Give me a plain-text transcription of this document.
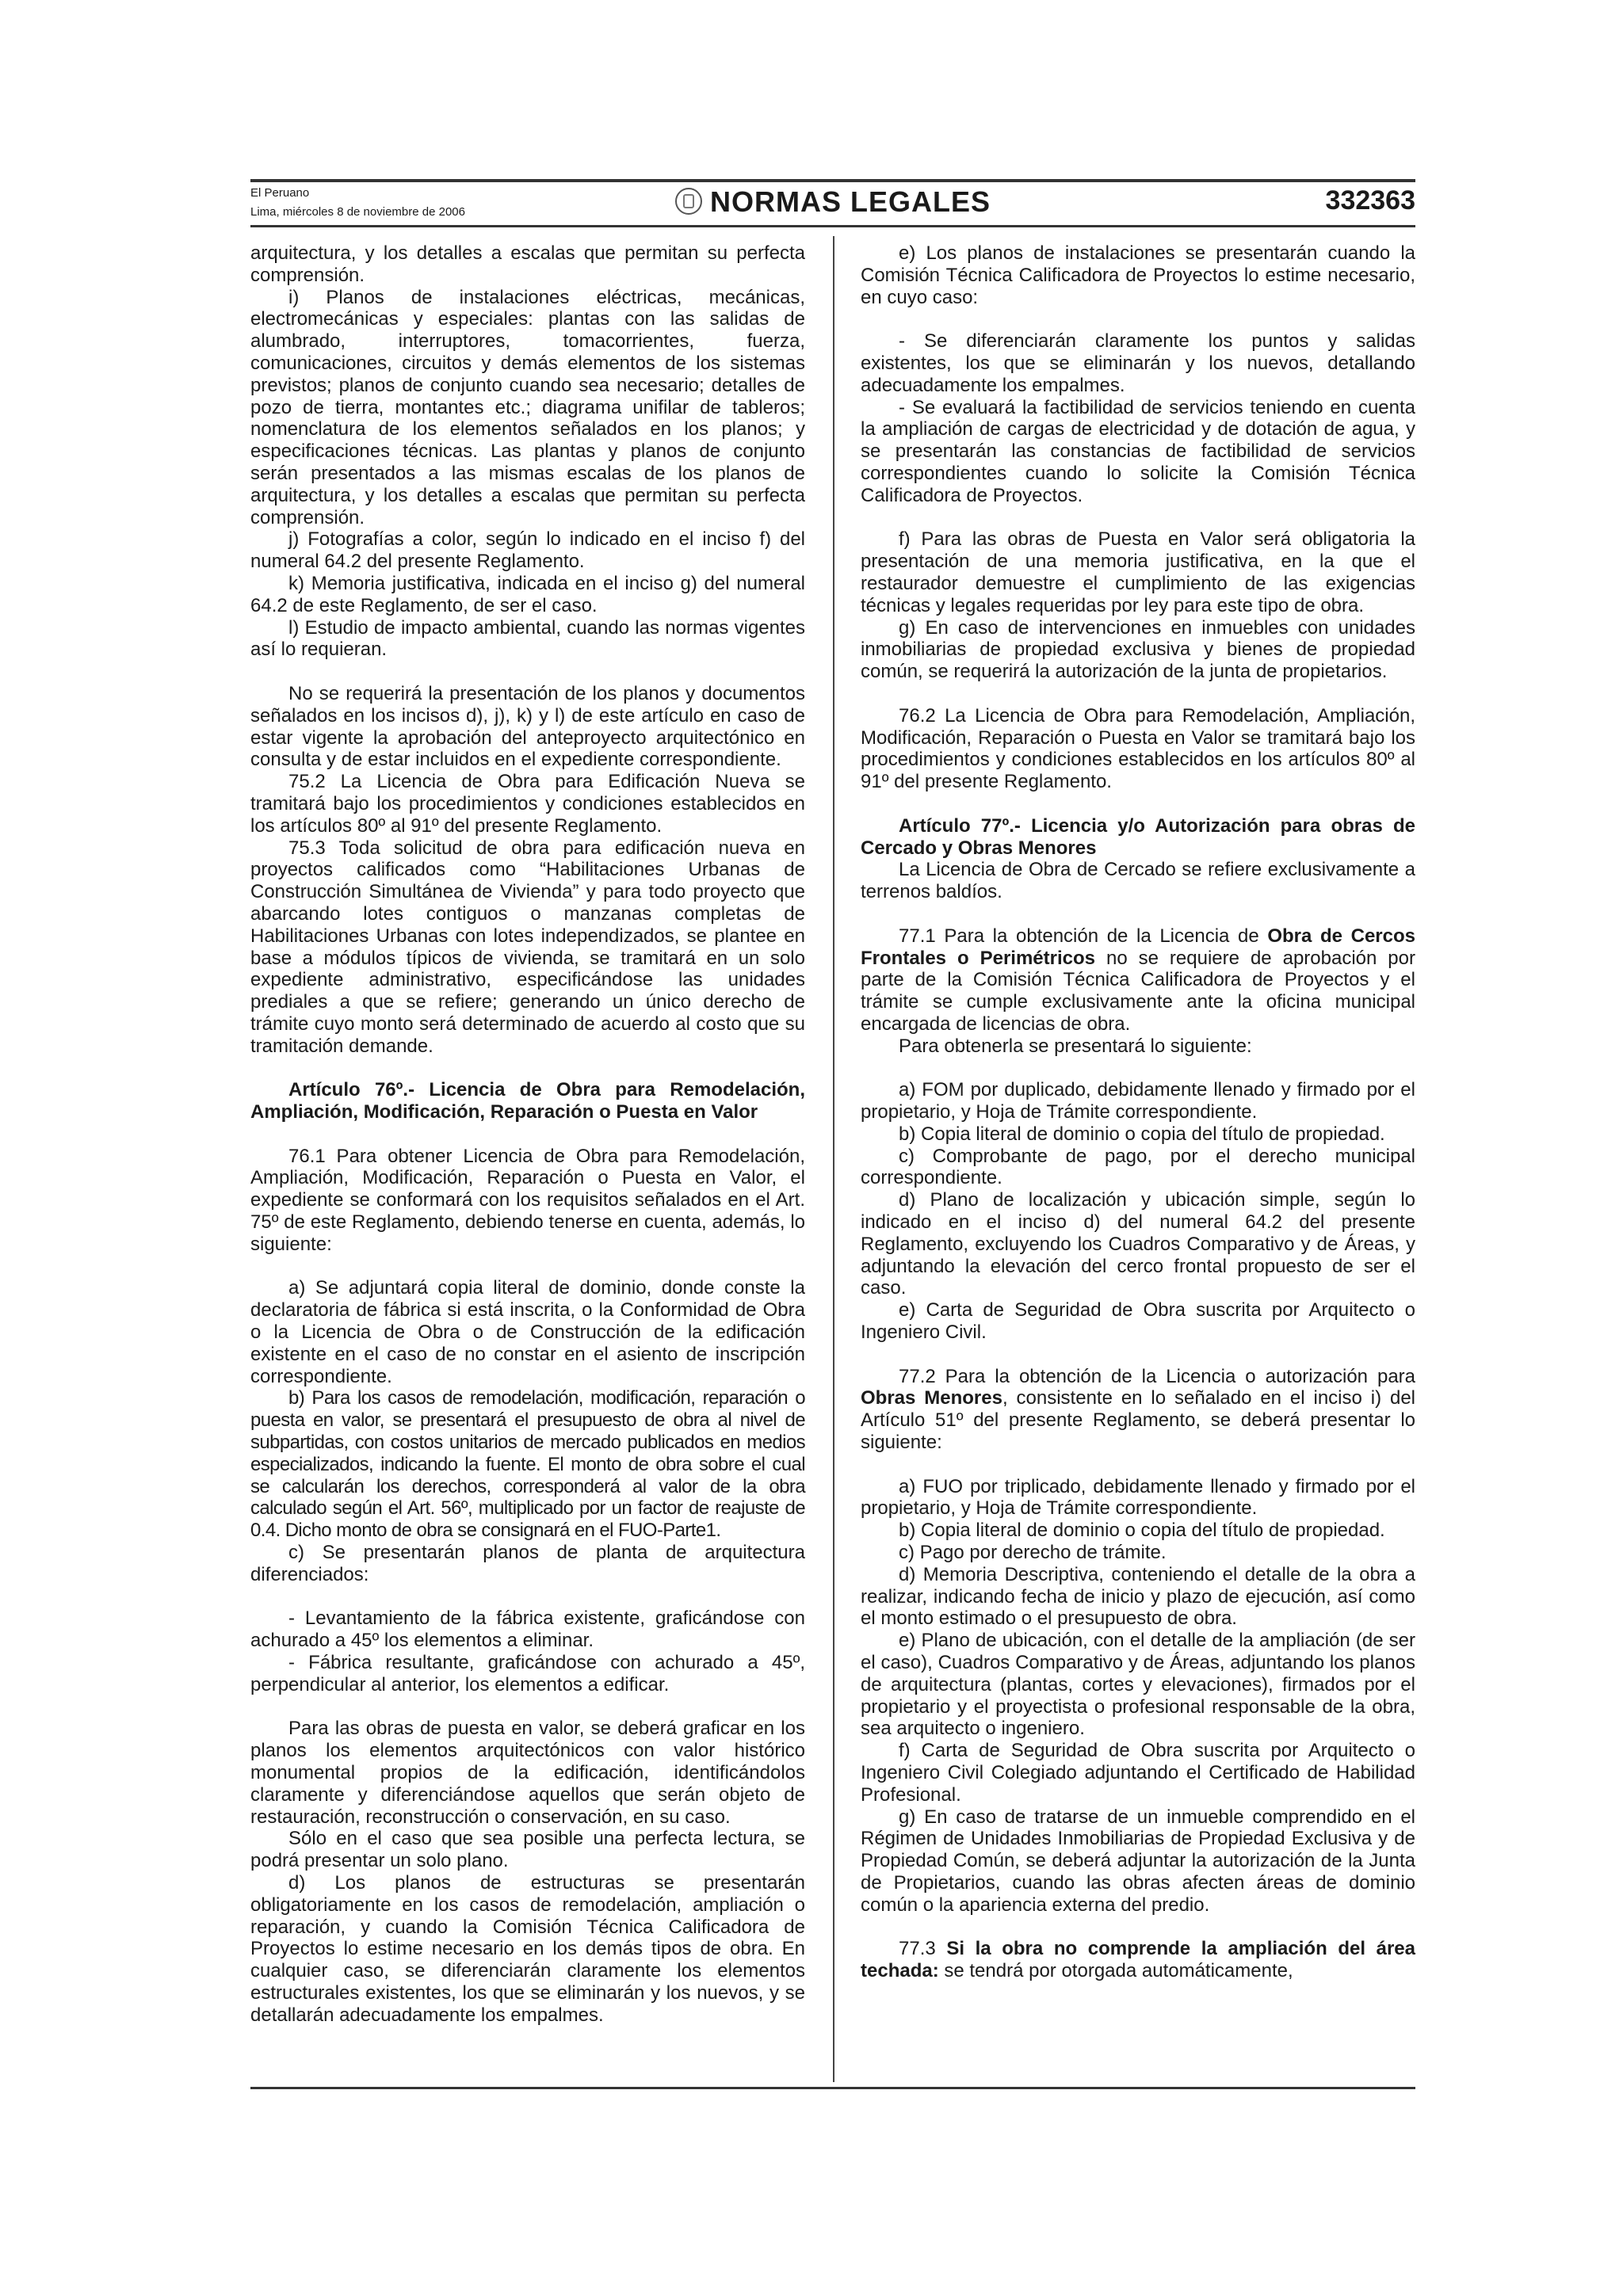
El Peruano
Lima, miércoles 8 de noviembre de 2006	NORMAS LEGALES	332363

arquitectura, y los detalles a escalas que permitan su perfecta comprensión.

i) Planos de instalaciones eléctricas, mecánicas, electromecánicas y especiales: plantas con las salidas de alumbrado, interruptores, tomacorrientes, fuerza, comunicaciones, circuitos y demás elementos de los sistemas previstos; planos de conjunto cuando sea necesario; detalles de pozo de tierra, montantes etc.; diagrama unifilar de tableros; nomenclatura de los elementos señalados en los planos; y especificaciones técnicas. Las plantas y planos de conjunto serán presentados a las mismas escalas de los planos de arquitectura, y los detalles a escalas que permitan su perfecta comprensión.

j) Fotografías a color, según lo indicado en el inciso f) del numeral 64.2 del presente Reglamento.

k) Memoria justificativa, indicada en el inciso g) del numeral 64.2 de este Reglamento, de ser el caso.

l) Estudio de impacto ambiental, cuando las normas vigentes así lo requieran.

No se requerirá la presentación de los planos y documentos señalados en los incisos d), j), k) y l) de este artículo en caso de estar vigente la aprobación del anteproyecto arquitectónico en consulta y de estar incluidos en el expediente correspondiente.

75.2 La Licencia de Obra para Edificación Nueva se tramitará bajo los procedimientos y condiciones establecidos en los artículos 80º al 91º del presente Reglamento.

75.3 Toda solicitud de obra para edificación nueva en proyectos calificados como “Habilitaciones Urbanas de Construcción Simultánea de Vivienda” y para todo proyecto que abarcando lotes contiguos o manzanas completas de Habilitaciones Urbanas con lotes independizados, se plantee en base a módulos típicos de vivienda, se tramitará en un solo expediente administrativo, especificándose las unidades prediales a que se refiere; generando un único derecho de trámite cuyo monto será determinado de acuerdo al costo que su tramitación demande.

Artículo 76º.- Licencia de Obra para Remodelación, Ampliación, Modificación, Reparación o Puesta en Valor

76.1 Para obtener Licencia de Obra para Remodelación, Ampliación, Modificación, Reparación o Puesta en Valor, el expediente se conformará con los requisitos señalados en el Art. 75º de este Reglamento, debiendo tenerse en cuenta, además, lo siguiente:

a) Se adjuntará copia literal de dominio, donde conste la declaratoria de fábrica si está inscrita, o la Conformidad de Obra o la Licencia de Obra o de Construcción de la edificación existente en el caso de no constar en el asiento de inscripción correspondiente.

b) Para los casos de remodelación, modificación, reparación o puesta en valor, se presentará el presupuesto de obra al nivel de subpartidas, con costos unitarios de mercado publicados en medios especializados, indicando la fuente. El monto de obra sobre el cual se calcularán los derechos, corresponderá al valor de la obra calculado según el Art. 56º, multiplicado por un factor de reajuste de 0.4. Dicho monto de obra se consignará en el FUO-Parte1.

c) Se presentarán planos de planta de arquitectura diferenciados:

- Levantamiento de la fábrica existente, graficándose con achurado a 45º los elementos a eliminar.

- Fábrica resultante, graficándose con achurado a 45º, perpendicular al anterior, los elementos a edificar.

Para las obras de puesta en valor, se deberá graficar en los planos los elementos arquitectónicos con valor histórico monumental propios de la edificación, identificándolos claramente y diferenciándose aquellos que serán objeto de restauración, reconstrucción o conservación, en su caso.

Sólo en el caso que sea posible una perfecta lectura, se podrá presentar un solo plano.

d) Los planos de estructuras se presentarán obligatoriamente en los casos de remodelación, ampliación o reparación, y cuando la Comisión Técnica Calificadora de Proyectos lo estime necesario en los demás tipos de obra. En cualquier caso, se diferenciarán claramente los elementos estructurales existentes, los que se eliminarán y los nuevos, y se detallarán adecuadamente los empalmes.

e) Los planos de instalaciones se presentarán cuando la Comisión Técnica Calificadora de Proyectos lo estime necesario, en cuyo caso:

- Se diferenciarán claramente los puntos y salidas existentes, los que se eliminarán y los nuevos, detallando adecuadamente los empalmes.

- Se evaluará la factibilidad de servicios teniendo en cuenta la ampliación de cargas de electricidad y de dotación de agua, y se presentarán las constancias de factibilidad de servicios correspondientes cuando lo solicite la Comisión Técnica Calificadora de Proyectos.

f) Para las obras de Puesta en Valor será obligatoria la presentación de una memoria justificativa, en la que el restaurador demuestre el cumplimiento de las exigencias técnicas y legales requeridas por ley para este tipo de obra.

g) En caso de intervenciones en inmuebles con unidades inmobiliarias de propiedad exclusiva y bienes de propiedad común, se requerirá la autorización de la junta de propietarios.

76.2 La Licencia de Obra para Remodelación, Ampliación, Modificación, Reparación o Puesta en Valor se tramitará bajo los procedimientos y condiciones establecidos en los artículos 80º al 91º del presente Reglamento.

Artículo 77º.- Licencia y/o Autorización para obras de Cercado y Obras Menores

La Licencia de Obra de Cercado se refiere exclusivamente a terrenos baldíos.

77.1 Para la obtención de la Licencia de Obra de Cercos Frontales o Perimétricos no se requiere de aprobación por parte de la Comisión Técnica Calificadora de Proyectos y el trámite se cumple exclusivamente ante la oficina municipal encargada de licencias de obra.

Para obtenerla se presentará lo siguiente:

a) FOM por duplicado, debidamente llenado y firmado por el propietario, y Hoja de Trámite correspondiente.

b) Copia literal de dominio o copia del título de propiedad.

c) Comprobante de pago, por el derecho municipal correspondiente.

d) Plano de localización y ubicación simple, según lo indicado en el inciso d) del numeral 64.2 del presente Reglamento, excluyendo los Cuadros Comparativo y de Áreas, y adjuntando la elevación del cerco frontal propuesto de ser el caso.

e) Carta de Seguridad de Obra suscrita por Arquitecto o Ingeniero Civil.

77.2 Para la obtención de la Licencia o autorización para Obras Menores, consistente en lo señalado en el inciso i) del Artículo 51º del presente Reglamento, se deberá presentar lo siguiente:

a) FUO por triplicado, debidamente llenado y firmado por el propietario, y Hoja de Trámite correspondiente.

b) Copia literal de dominio o copia del título de propiedad.

c) Pago por derecho de trámite.

d) Memoria Descriptiva, conteniendo el detalle de la obra a realizar, indicando fecha de inicio y plazo de ejecución, así como el monto estimado o el presupuesto de obra.

e) Plano de ubicación, con el detalle de la ampliación (de ser el caso), Cuadros Comparativo y de Áreas, adjuntando los planos de arquitectura (plantas, cortes y elevaciones), firmados por el propietario y el proyectista o profesional responsable de la obra, sea arquitecto o ingeniero.

f) Carta de Seguridad de Obra suscrita por Arquitecto o Ingeniero Civil Colegiado adjuntando el Certificado de Habilidad Profesional.

g) En caso de tratarse de un inmueble comprendido en el Régimen de Unidades Inmobiliarias de Propiedad Exclusiva y de Propiedad Común, se deberá adjuntar la autorización de la Junta de Propietarios, cuando las obras afecten áreas de dominio común o la apariencia externa del predio.

77.3 Si la obra no comprende la ampliación del área techada: se tendrá por otorgada automáticamente,
